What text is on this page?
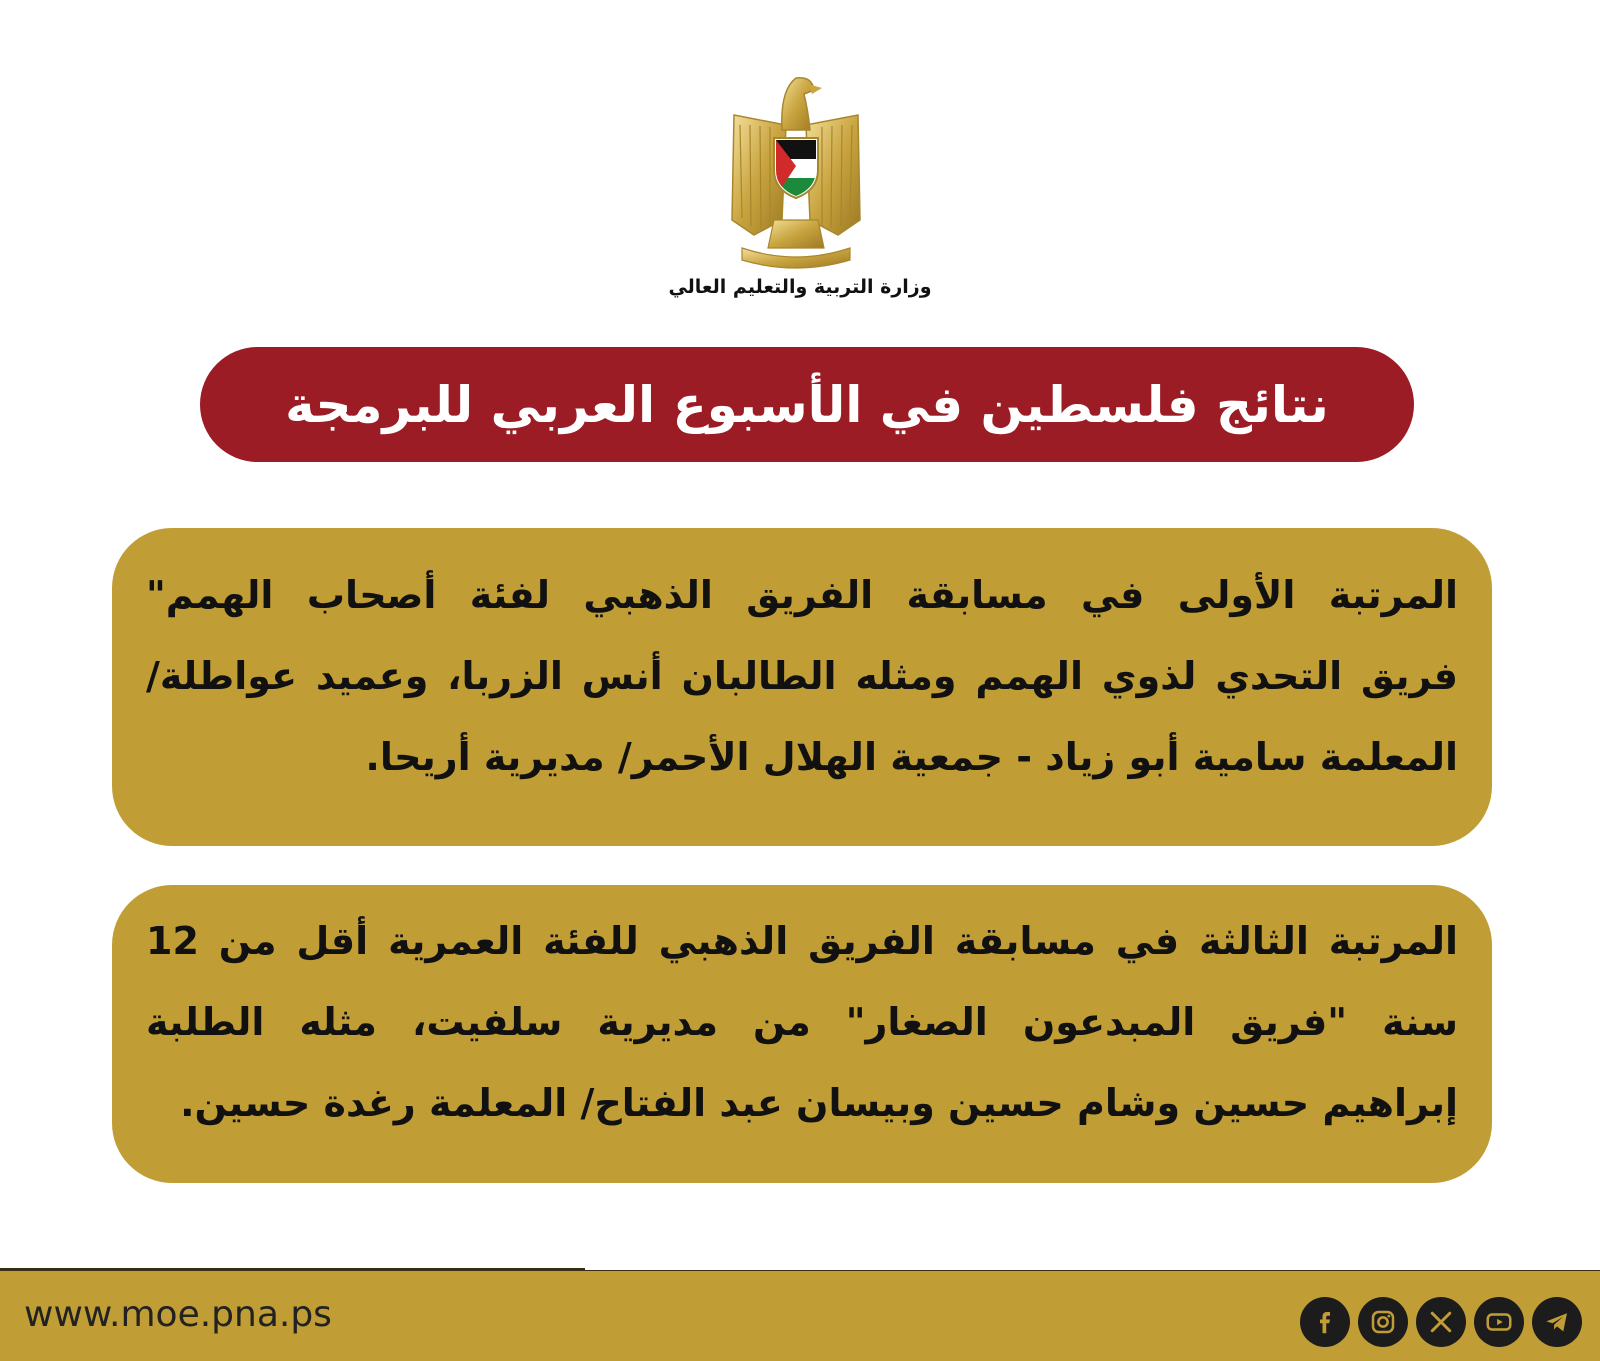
وزارة التربية والتعليم العالي
نتائج فلسطين في الأسبوع العربي للبرمجة
المرتبة الأولى في مسابقة الفريق الذهبي لفئة أصحاب الهمم"
فريق التحدي لذوي الهمم ومثله الطالبان أنس الزربا، وعميد عواطلة/
المعلمة سامية أبو زياد - جمعية الهلال الأحمر/ مديرية أريحا.
المرتبة الثالثة في مسابقة الفريق الذهبي للفئة العمرية أقل من 12
سنة "فريق المبدعون الصغار" من مديرية سلفيت، مثله الطلبة
إبراهيم حسين وشام حسين وبيسان عبد الفتاح/ المعلمة رغدة حسين.
www.moe.pna.ps
